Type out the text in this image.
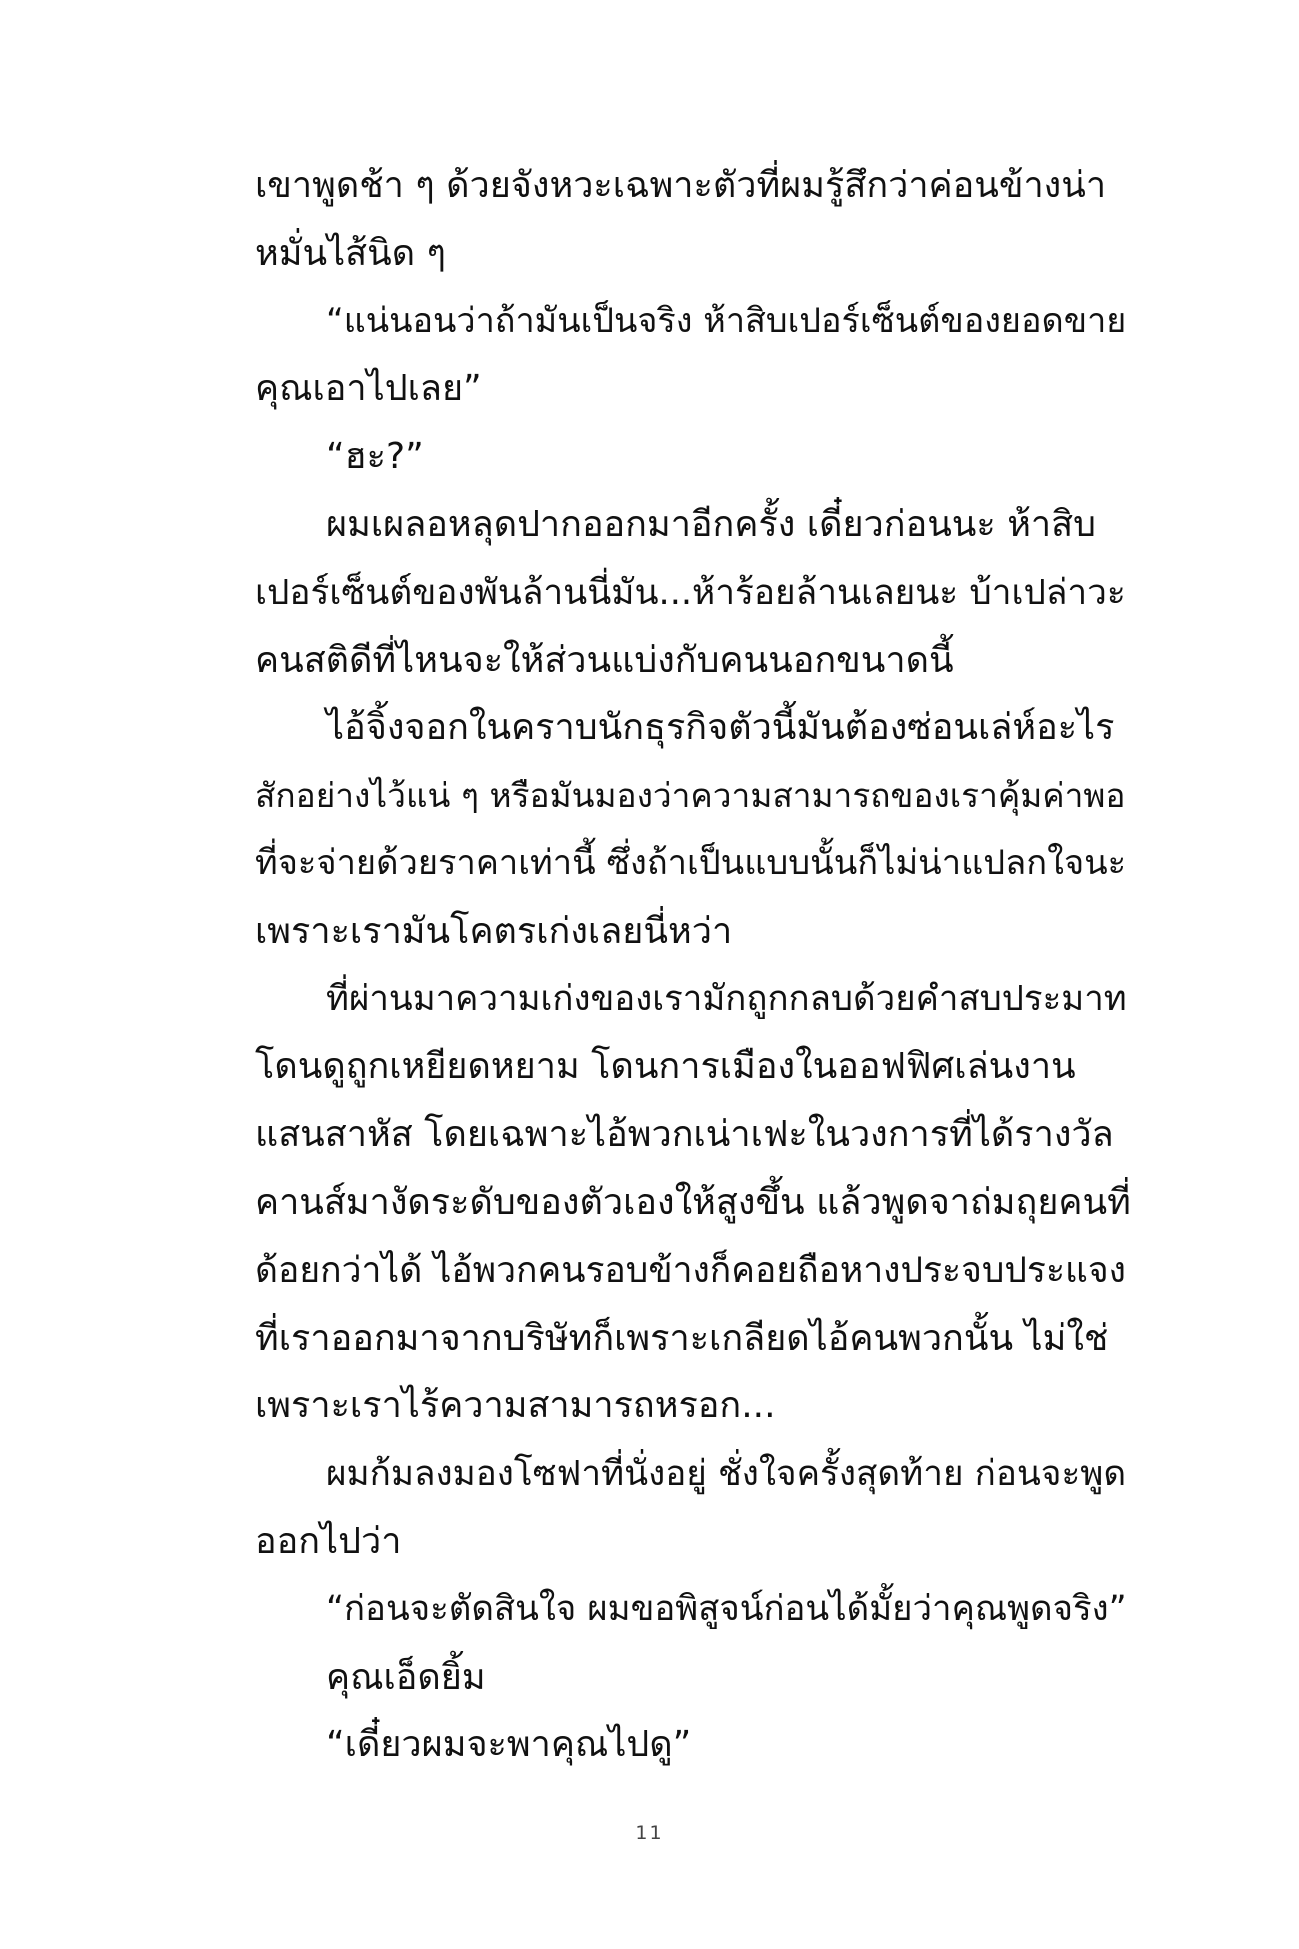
เขาพูดช้า ๆ ด้วยจังหวะเฉพาะตัวที่ผมรู้สึกว่าค่อนข้างน่า
หมั่นไส้นิด ๆ

“แน่นอนว่าถ้ามันเป็นจริง ห้าสิบเปอร์เซ็นต์ของยอดขาย
คุณเอาไปเลย”

“ฮะ?”

ผมเผลอหลุดปากออกมาอีกครั้ง เดี๋ยวก่อนนะ ห้าสิบ
เปอร์เซ็นต์ของพันล้านนี่มัน...ห้าร้อยล้านเลยนะ บ้าเปล่าวะ
คนสติดีที่ไหนจะให้ส่วนแบ่งกับคนนอกขนาดนี้

ไอ้จิ้งจอกในคราบนักธุรกิจตัวนี้มันต้องซ่อนเล่ห์อะไร
สักอย่างไว้แน่ ๆ หรือมันมองว่าความสามารถของเราคุ้มค่าพอ
ที่จะจ่ายด้วยราคาเท่านี้ ซึ่งถ้าเป็นแบบนั้นก็ไม่น่าแปลกใจนะ
เพราะเรามันโคตรเก่งเลยนี่หว่า

ที่ผ่านมาความเก่งของเรามักถูกกลบด้วยคำสบประมาท
โดนดูถูกเหยียดหยาม โดนการเมืองในออฟฟิศเล่นงาน
แสนสาหัส โดยเฉพาะไอ้พวกเน่าเฟะในวงการที่ได้รางวัล
คานส์มางัดระดับของตัวเองให้สูงขึ้น แล้วพูดจาถ่มถุยคนที่
ด้อยกว่าได้ ไอ้พวกคนรอบข้างก็คอยถือหางประจบประแจง
ที่เราออกมาจากบริษัทก็เพราะเกลียดไอ้คนพวกนั้น ไม่ใช่
เพราะเราไร้ความสามารถหรอก...

ผมก้มลงมองโซฟาที่นั่งอยู่ ชั่งใจครั้งสุดท้าย ก่อนจะพูด
ออกไปว่า

“ก่อนจะตัดสินใจ ผมขอพิสูจน์ก่อนได้มั้ยว่าคุณพูดจริง”

คุณเอ็ดยิ้ม

“เดี๋ยวผมจะพาคุณไปดู”

11
